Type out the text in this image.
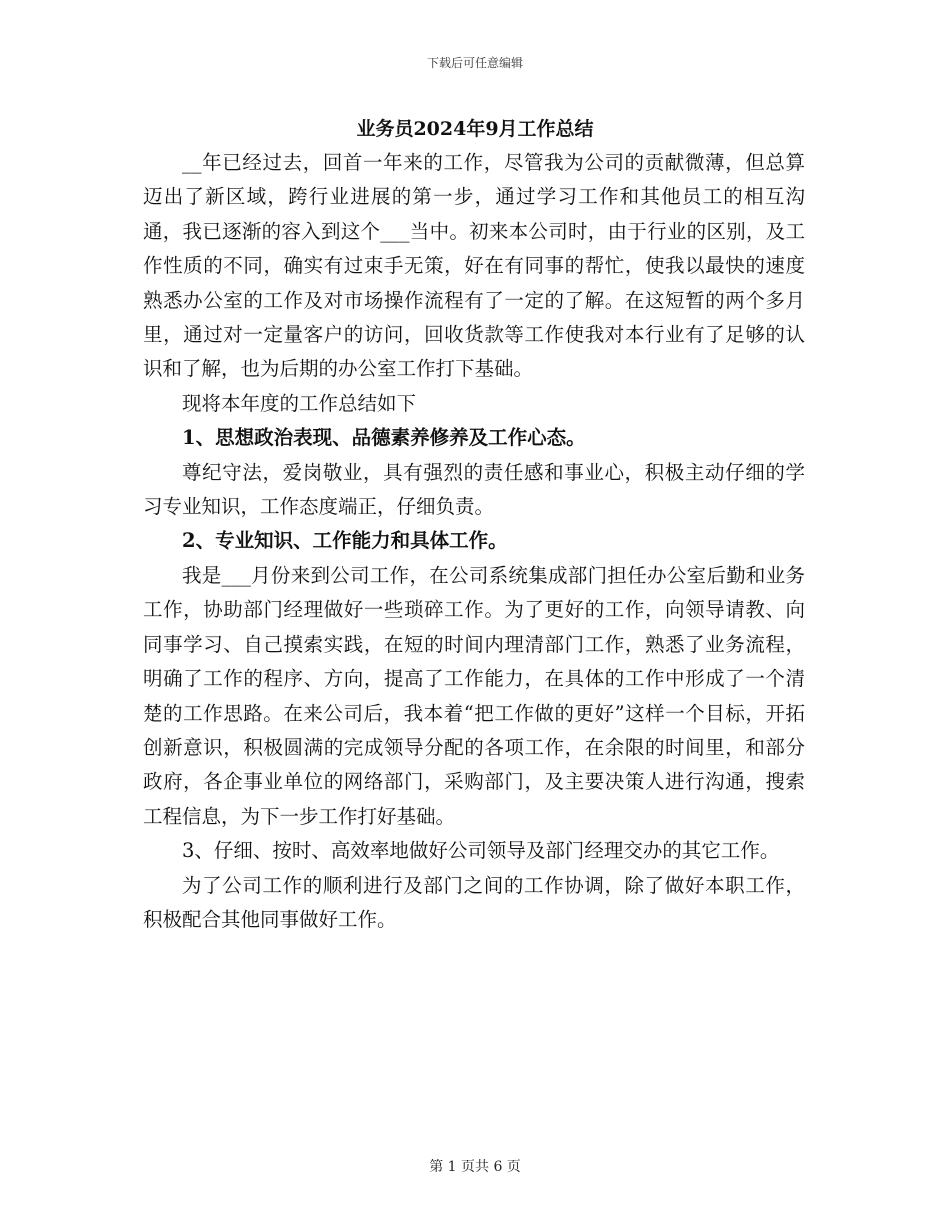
下载后可任意编辑
业务员2024年9月工作总结

__年已经过去，回首一年来的工作，尽管我为公司的贡献微薄，但总算迈出了新区域，跨行业进展的第一步，通过学习工作和其他员工的相互沟通，我已逐渐的容入到这个___当中。初来本公司时，由于行业的区别，及工作性质的不同，确实有过束手无策，好在有同事的帮忙，使我以最快的速度熟悉办公室的工作及对市场操作流程有了一定的了解。在这短暂的两个多月里，通过对一定量客户的访问，回收货款等工作使我对本行业有了足够的认识和了解，也为后期的办公室工作打下基础。

现将本年度的工作总结如下

1、思想政治表现、品德素养修养及工作心态。

尊纪守法，爱岗敬业，具有强烈的责任感和事业心，积极主动仔细的学习专业知识，工作态度端正，仔细负责。

2、专业知识、工作能力和具体工作。

我是___月份来到公司工作，在公司系统集成部门担任办公室后勤和业务工作，协助部门经理做好一些琐碎工作。为了更好的工作，向领导请教、向同事学习、自己摸索实践，在短的时间内理清部门工作，熟悉了业务流程，明确了工作的程序、方向，提高了工作能力，在具体的工作中形成了一个清楚的工作思路。在来公司后，我本着“把工作做的更好”这样一个目标，开拓创新意识，积极圆满的完成领导分配的各项工作，在余限的时间里，和部分政府，各企事业单位的网络部门，采购部门，及主要决策人进行沟通，搜索工程信息，为下一步工作打好基础。

3、仔细、按时、高效率地做好公司领导及部门经理交办的其它工作。

为了公司工作的顺利进行及部门之间的工作协调，除了做好本职工作，积极配合其他同事做好工作。

第 1 页共 6 页
